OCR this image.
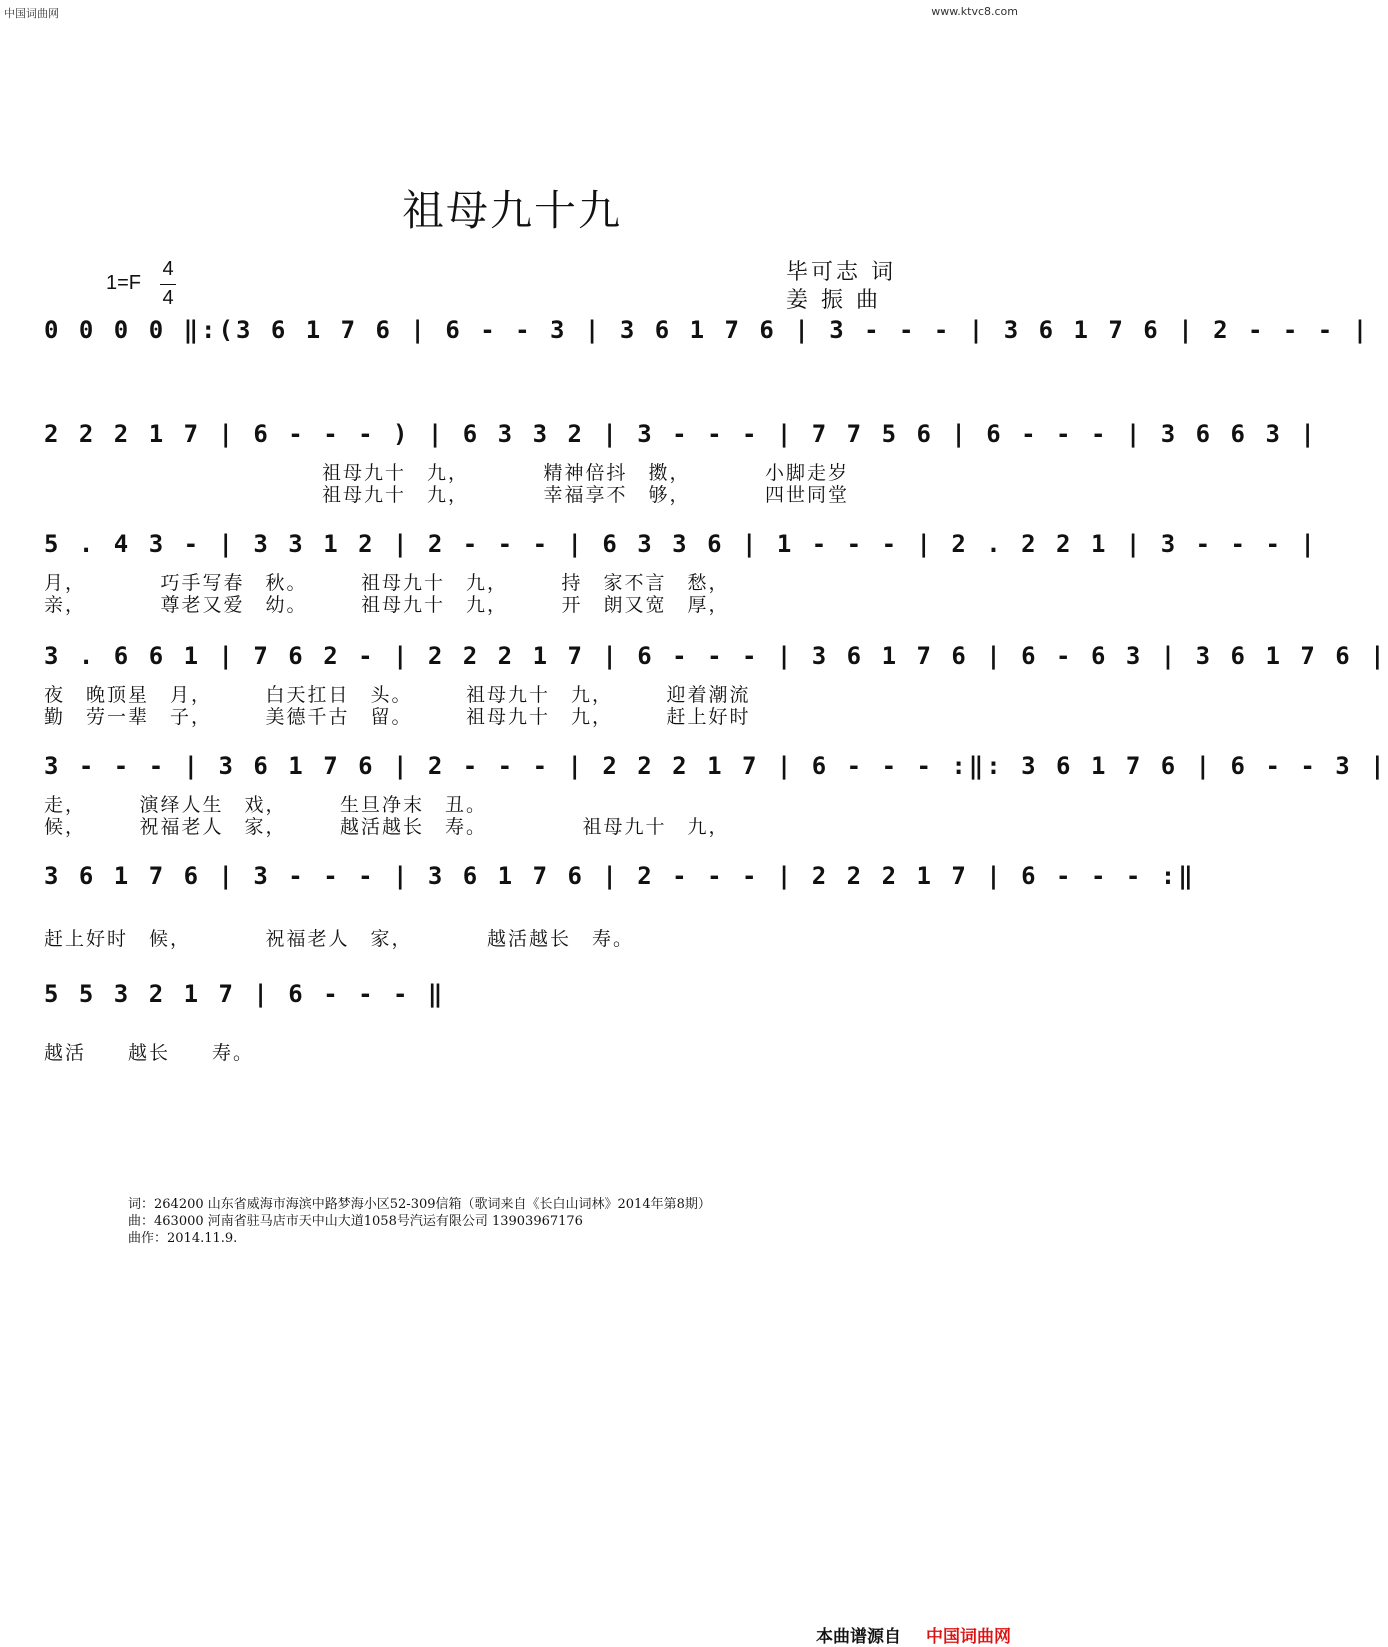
中国词曲网	www.ktvc8.com
祖母九十九
毕可志 词
姜 振 曲
1=F
4
4
0 0 0 0 ‖:(3 6 1 7 6 | 6 - - 3 | 3 6 1 7 6 | 3 - - - | 3 6 1 7 6 | 2 - - - |
2 2 2 1 7 | 6 - - - ) | 6 3 3 2 | 3 - - - | 7 7 5 6 | 6 - - - | 3 6 6 3 |
祖母九十　九，　　　　精神倍抖　擞，　　　　小脚走岁
祖母九十　九，　　　　幸福享不　够，　　　　四世同堂
5 . 4 3 - | 3 3 1 2 | 2 - - - | 6 3 3 6 | 1 - - - | 2 . 2 2 1 | 3 - - - |
月，　　　　巧手写春　秋。　　　祖母九十　九，　　　持　家不言　愁，
亲，　　　　尊老又爱　幼。　　　祖母九十　九，　　　开　朗又宽　厚，
3 . 6 6 1 | 7 6 2 - | 2 2 2 1 7 | 6 - - - | 3 6 1 7 6 | 6 - 6 3 | 3 6 1 7 6 |
夜　晚顶星　月，　　　白天扛日　头。　　　祖母九十　九，　　　迎着潮流
勤　劳一辈　子，　　　美德千古　留。　　　祖母九十　九，　　　赶上好时
3 - - - | 3 6 1 7 6 | 2 - - - | 2 2 2 1 7 | 6 - - - :‖: 3 6 1 7 6 | 6 - - 3 |
走，　　　演绎人生　戏，　　　生旦净末　丑。
候，　　　祝福老人　家，　　　越活越长　寿。　　　　　祖母九十　九，
3 6 1 7 6 | 3 - - - | 3 6 1 7 6 | 2 - - - | 2 2 2 1 7 | 6 - - - :‖
赶上好时　候，　　　　祝福老人　家，　　　　越活越长　寿。
5 5 3 2 1 7 | 6 - - - ‖
越活　　越长　　寿。
词：264200 山东省威海市海滨中路梦海小区52-309信箱（歌词来自《长白山词林》2014年第8期）
曲：463000 河南省驻马店市天中山大道1058号汽运有限公司 13903967176
曲作：2014.11.9.
本曲谱源自 中国词曲网
